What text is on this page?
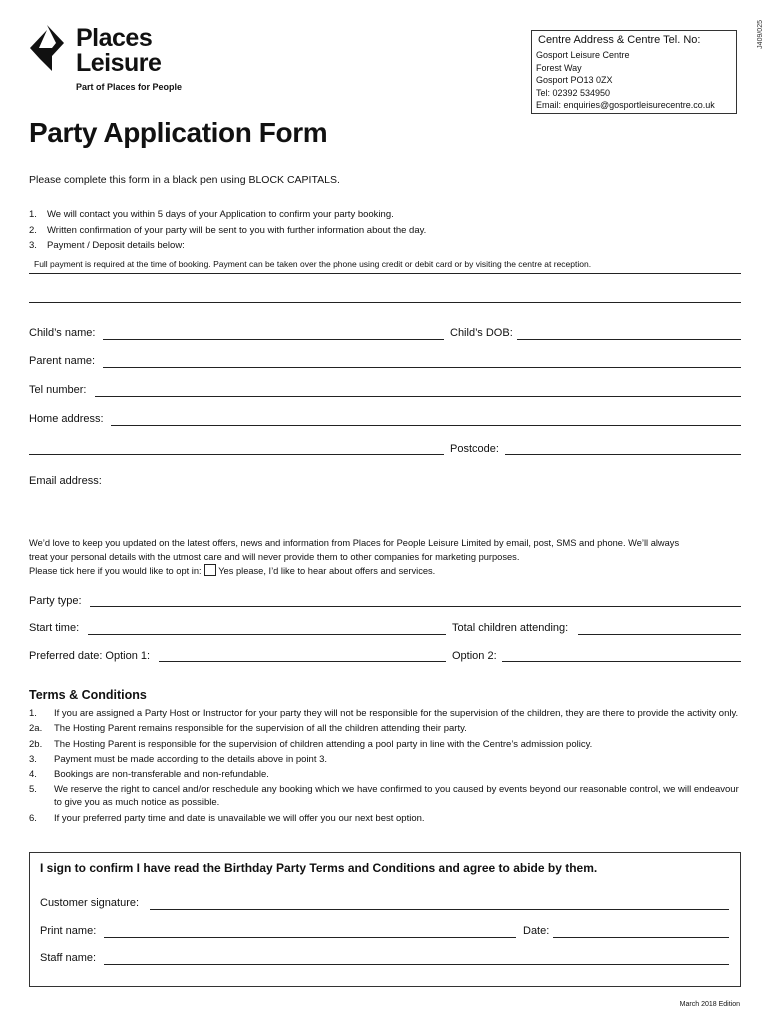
Places
Leisure
Part of Places for People
J409/025
Centre Address & Centre Tel. No:
Gosport Leisure Centre
Forest Way
Gosport PO13 0ZX
Tel: 02392 534950
Email: enquiries@gosportleisurecentre.co.uk
Party Application Form
Please complete this form in a black pen using BLOCK CAPITALS.
1. We will contact you within 5 days of your Application to confirm your party booking.
2. Written confirmation of your party will be sent to you with further information about the day.
3. Payment / Deposit details below:
Full payment is required at the time of booking. Payment can be taken over the phone using credit or debit card or by visiting the centre at reception.
Child’s name:	Child’s DOB:
Parent name:
Tel number:
Home address:
Postcode:
Email address:
We’d love to keep you updated on the latest offers, news and information from Places for People Leisure Limited by email, post, SMS and phone. We’ll always
treat your personal details with the utmost care and will never provide them to other companies for marketing purposes.
Please tick here if you would like to opt in: Yes please, I’d like to hear about offers and services.
Party type:
Start time:	Total children attending:
Preferred date: Option 1:	Option 2:
Terms & Conditions
1.	If you are assigned a Party Host or Instructor for your party they will not be responsible for the supervision of the children, they are there to provide the activity only.
2a.	The Hosting Parent remains responsible for the supervision of all the children attending their party.
2b.	The Hosting Parent is responsible for the supervision of children attending a pool party in line with the Centre’s admission policy.
3.	Payment must be made according to the details above in point 3.
4.	Bookings are non-transferable and non-refundable.
5.	We reserve the right to cancel and/or reschedule any booking which we have confirmed to you caused by events beyond our reasonable control, we will endeavour to give you as much notice as possible.
6.	If your preferred party time and date is unavailable we will offer you our next best option.
I sign to confirm I have read the Birthday Party Terms and Conditions and agree to abide by them.
Customer signature:
Print name:	Date:
Staff name:
March 2018 Edition
